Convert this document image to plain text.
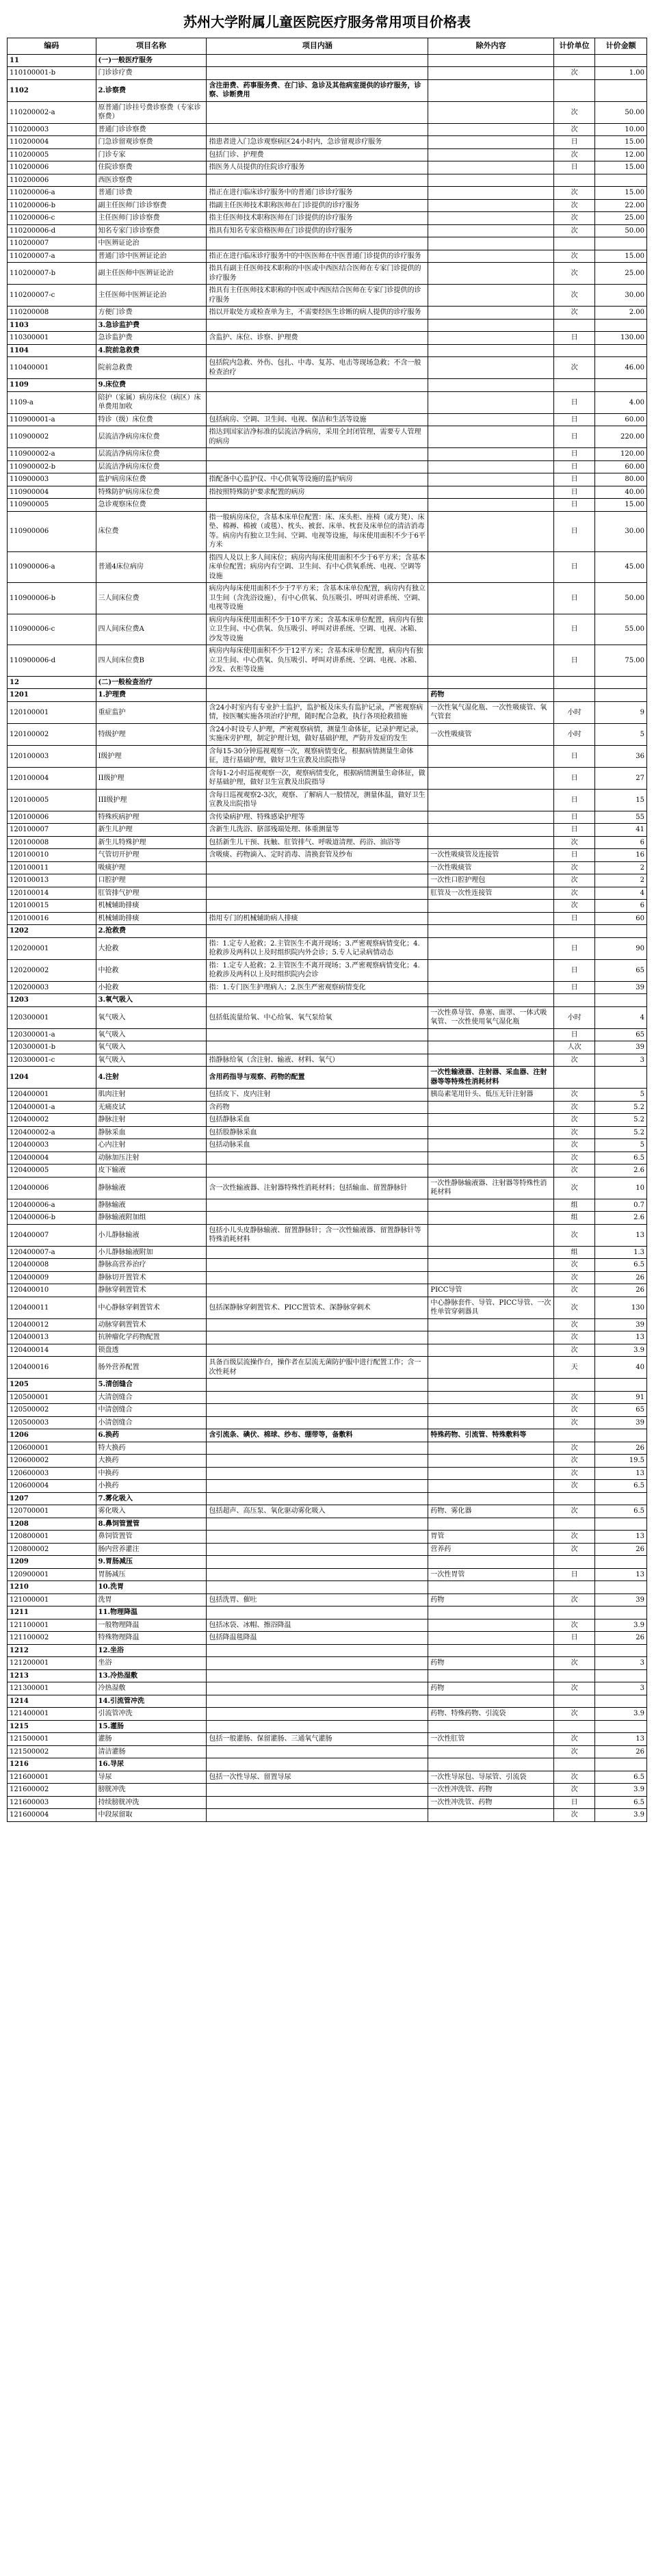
苏州大学附属儿童医院医疗服务常用项目价格表
编码	项目名称	项目内涵	除外内容	计价单位	计价金额
11	(一)一般医疗服务				
110100001-b	门诊诊疗费			次	1.00
1102	2.诊察费	含注册费、药事服务费、在门诊、急诊及其他病室提供的诊疗服务，诊察、诊断费用			
110200002-a	原普通门诊挂号费诊察费（专家诊察费）			次	50.00
110200003	普通门诊诊察费			次	10.00
110200004	门急诊留观诊察费	指患者进入门急诊观察病区24小时内，急诊留观诊疗服务		日	15.00
110200005	门诊专家	包括门诊、护理费		次	12.00
110200006	住院诊察费	指医务人员提供的住院诊疗服务		日	15.00
110200006	西医诊察费				
110200006-a	普通门诊费	指正在进行临床诊疗服务中的普通门诊诊疗服务		次	15.00
110200006-b	副主任医师门诊诊察费	指副主任医师技术职称医师在门诊提供的诊疗服务		次	22.00
110200006-c	主任医师门诊诊察费	指主任医师技术职称医师在门诊提供的诊疗服务		次	25.00
110200006-d	知名专家门诊诊察费	指具有知名专家资格医师在门诊提供的诊疗服务		次	50.00
110200007	中医辨证论治				
110200007-a	普通门诊中医辨证论治	指正在进行临床诊疗服务中的中医医师在中医普通门诊提供的诊疗服务		次	15.00
110200007-b	副主任医师中医辨证论治	指具有副主任医师技术职称的中医或中西医结合医师在专家门诊提供的诊疗服务		次	25.00
110200007-c	主任医师中医辨证论治	指具有主任医师技术职称的中医或中西医结合医师在专家门诊提供的诊疗服务		次	30.00
110200008	方便门诊费	指以开取处方或检查单为主，不需要经医生诊断的病人提供的诊疗服务		次	2.00
1103	3.急诊监护费				
110300001	急诊监护费	含监护、床位、诊察、护理费		日	130.00
1104	4.院前急救费				
110400001	院前急救费	包括院内急救、外伤、包扎、中毒、复苏、电击等现场急救；不含一般检查治疗		次	46.00
1109	9.床位费				
1109-a	陪护（家属）病房床位（病区）床单费用加收			日	4.00
110900001-a	特诊（级）床位费	包括病房、空调、卫生间、电视、保洁和生活等设施		日	60.00
110900002	层流洁净病房床位费	指达到国家洁净标准的层流洁净病房，采用全封闭管理，需要专人管理的病房		日	220.00
110900002-a	层流洁净病房床位费			日	120.00
110900002-b	层流洁净病房床位费			日	60.00
110900003	监护病房床位费	指配备中心监护仪、中心供氧等设施的监护病房		日	80.00
110900004	特殊防护病房床位费	指按照特殊防护要求配置的病房		日	40.00
110900005	急诊观察床位费			日	15.00
110900006	床位费	指一般病房床位，含基本床单位配置：床、床头柜、座椅（或方凳）、床垫、棉褥、棉被（或毯）、枕头、被套、床单、枕套及床单位的清洁消毒等。病房内有独立卫生间、空调、电视等设施，每床使用面积不少于6平方米		日	30.00
110900006-a	普通4床位病房	指四人及以上多人间床位；病房内每床使用面积不少于6平方米；含基本床单位配置；病房内有空调、卫生间、有中心供氧系统、电视、空调等设施		日	45.00
110900006-b	三人间床位费	病房内每床使用面积不少于7平方米；含基本床单位配置，病房内有独立卫生间（含洗浴设施），有中心供氧、负压吸引、呼叫对讲系统、空调、电视等设施		日	50.00
110900006-c	四人间床位费A	病房内每床使用面积不少于10平方米；含基本床单位配置，病房内有独立卫生间、中心供氧、负压吸引、呼叫对讲系统、空调、电视、冰箱、沙发等设施		日	55.00
110900006-d	四人间床位费B	病房内每床使用面积不少于12平方米；含基本床单位配置，病房内有独立卫生间、中心供氧、负压吸引、呼叫对讲系统、空调、电视、冰箱、沙发、衣柜等设施		日	75.00
12	(二)一般检查治疗				
1201	1.护理费		药物		
120100001	重症监护	含24小时室内有专业护士监护，监护板及床头有监护记录，严密观察病情，按医嘱实施各项治疗护理，随时配合急救，执行各项抢救措施	一次性氧气湿化瓶、一次性吸痰管、氧气管套	小时	9
120100002	特级护理	含24小时设专人护理，严密观察病情，测量生命体征，记录护理记录，实施床旁护理，制定护理计划，做好基础护理，严防并发症的发生	一次性吸痰管	小时	5
120100003	I级护理	含每15-30分钟巡视观察一次，观察病情变化，根据病情测量生命体征，进行基础护理，做好卫生宣教及出院指导		日	36
120100004	II级护理	含每1-2小时巡视观察一次，观察病情变化，根据病情测量生命体征，做好基础护理，做好卫生宣教及出院指导		日	27
120100005	III级护理	含每日巡视观察2-3次，观察、了解病人一般情况，测量体温，做好卫生宣教及出院指导		日	15
120100006	特殊疾病护理	含传染病护理、特殊感染护理等		日	55
120100007	新生儿护理	含新生儿洗浴、脐部残端处理、体重测量等		日	41
120100008	新生儿特殊护理	包括新生儿干预、抚触、肛管排气、呼吸道清理、药浴、油浴等		次	6
120100010	气管切开护理	含吸痰、药物滴入、定时消毒、清换套管及纱布	一次性吸痰管及连接管	日	16
120100011	吸痰护理		一次性吸痰管	次	2
120100013	口腔护理		一次性口腔护理包	次	2
120100014	肛管排气护理		肛管及一次性连接管	次	4
120100015	机械辅助排痰			次	6
120100016	机械辅助排痰	指用专门的机械辅助病人排痰		日	60
1202	2.抢救费				
120200001	大抢救	指：1.定专人抢救；2.主管医生不离开现场；3.严密观察病情变化；4.抢救涉及两科以上及时组织院内外会诊；5.专人记录病情动态		日	90
120200002	中抢救	指：1.定专人抢救；2.主管医生不离开现场；3.严密观察病情变化；4.抢救涉及两科以上及时组织院内会诊		日	65
120200003	小抢救	指：1.专门医生护理病人；2.医生严密观察病情变化		日	39
1203	3.氧气吸入				
120300001	氧气吸入	包括低流量给氧、中心给氧、氧气泵给氧	一次性鼻导管、鼻塞、面罩、一体式吸氧管、一次性使用氧气湿化瓶	小时	4
120300001-a	氧气吸入			日	65
120300001-b	氧气吸入			人次	39
120300001-c	氧气吸入	指静脉给氧（含注射、输液、材料、氧气）		次	3
1204	4.注射	含用药指导与观察、药物的配置	一次性输液器、注射器、采血器、注射器等等特殊性消耗材料		
120400001	肌肉注射	包括皮下、皮内注射	胰岛素笔用针头、低压无针注射器	次	5
120400001-a	无痛皮试	含药物		次	5.2
120400002	静脉注射	包括静脉采血		次	5.2
120400002-a	静脉采血	包括股静脉采血		次	5.2
120400003	心内注射	包括动脉采血		次	5
120400004	动脉加压注射			次	6.5
120400005	皮下输液			次	2.6
120400006	静脉输液	含一次性输液器、注射器特殊性消耗材料；包括输血、留置静脉针	一次性静脉输液器、注射器等特殊性消耗材料	次	10
120400006-a	静脉输液			组	0.7
120400006-b	静脉输液附加组			组	2.6
120400007	小儿静脉输液	包括小儿头皮静脉输液、留置静脉针；含一次性输液器、留置静脉针等特殊消耗材料		次	13
120400007-a	小儿静脉输液附加			组	1.3
120400008	静脉高营养治疗			次	6.5
120400009	静脉切开置管术			次	26
120400010	静脉穿刺置管术		PICC导管	次	26
120400011	中心静脉穿刺置管术	包括深静脉穿刺置管术、PICC置管术、深静脉穿刺术	中心静脉套件、导管、PICC导管、一次性单管穿刺器具	次	130
120400012	动脉穿刺置管术			次	39
120400013	抗肿瘤化学药物配置			次	13
120400014	锁盘透			次	3.9
120400016	肠外营养配置	具备百级层流操作台，操作者在层流无菌防护服中进行配置工作；含一次性耗材		天	40
1205	5.清创缝合				
120500001	大清创缝合			次	91
120500002	中清创缝合			次	65
120500003	小清创缝合			次	39
1206	6.换药	含引流条、碘伏、棉球、纱布、绷带等，备敷料	特殊药物、引流管、特殊敷料等		
120600001	特大换药			次	26
120600002	大换药			次	19.5
120600003	中换药			次	13
120600004	小换药			次	6.5
1207	7.雾化吸入				
120700001	雾化吸入	包括超声、高压泵、氧化驱动雾化吸入	药物、雾化器	次	6.5
1208	8.鼻饲管置管				
120800001	鼻饲管置管		胃管	次	13
120800002	肠内营养灌注		营养药	次	26
1209	9.胃肠减压				
120900001	胃肠减压		一次性胃管	日	13
1210	10.洗胃				
121000001	洗胃	包括洗胃、催吐	药物	次	39
1211	11.物理降温				
121100001	一般物理降温	包括冰袋、冰帽、擦浴降温		次	3.9
121100002	特殊物理降温	包括降温毯降温		日	26
1212	12.坐浴				
121200001	坐浴		药物	次	3
1213	13.冷热湿敷				
121300001	冷热湿敷		药物	次	3
1214	14.引流管冲洗				
121400001	引流管冲洗		药物、特殊药物、引流袋	次	3.9
1215	15.灌肠				
121500001	灌肠	包括一般灌肠、保留灌肠、三通氧气灌肠	一次性肛管	次	13
121500002	清洁灌肠			次	26
1216	16.导尿				
121600001	导尿	包括一次性导尿、留置导尿	一次性导尿包、导尿管、引流袋	次	6.5
121600002	膀胱冲洗		一次性冲洗管、药物	次	3.9
121600003	持续膀胱冲洗		一次性冲洗管、药物	日	6.5
121600004	中段尿留取			次	3.9
